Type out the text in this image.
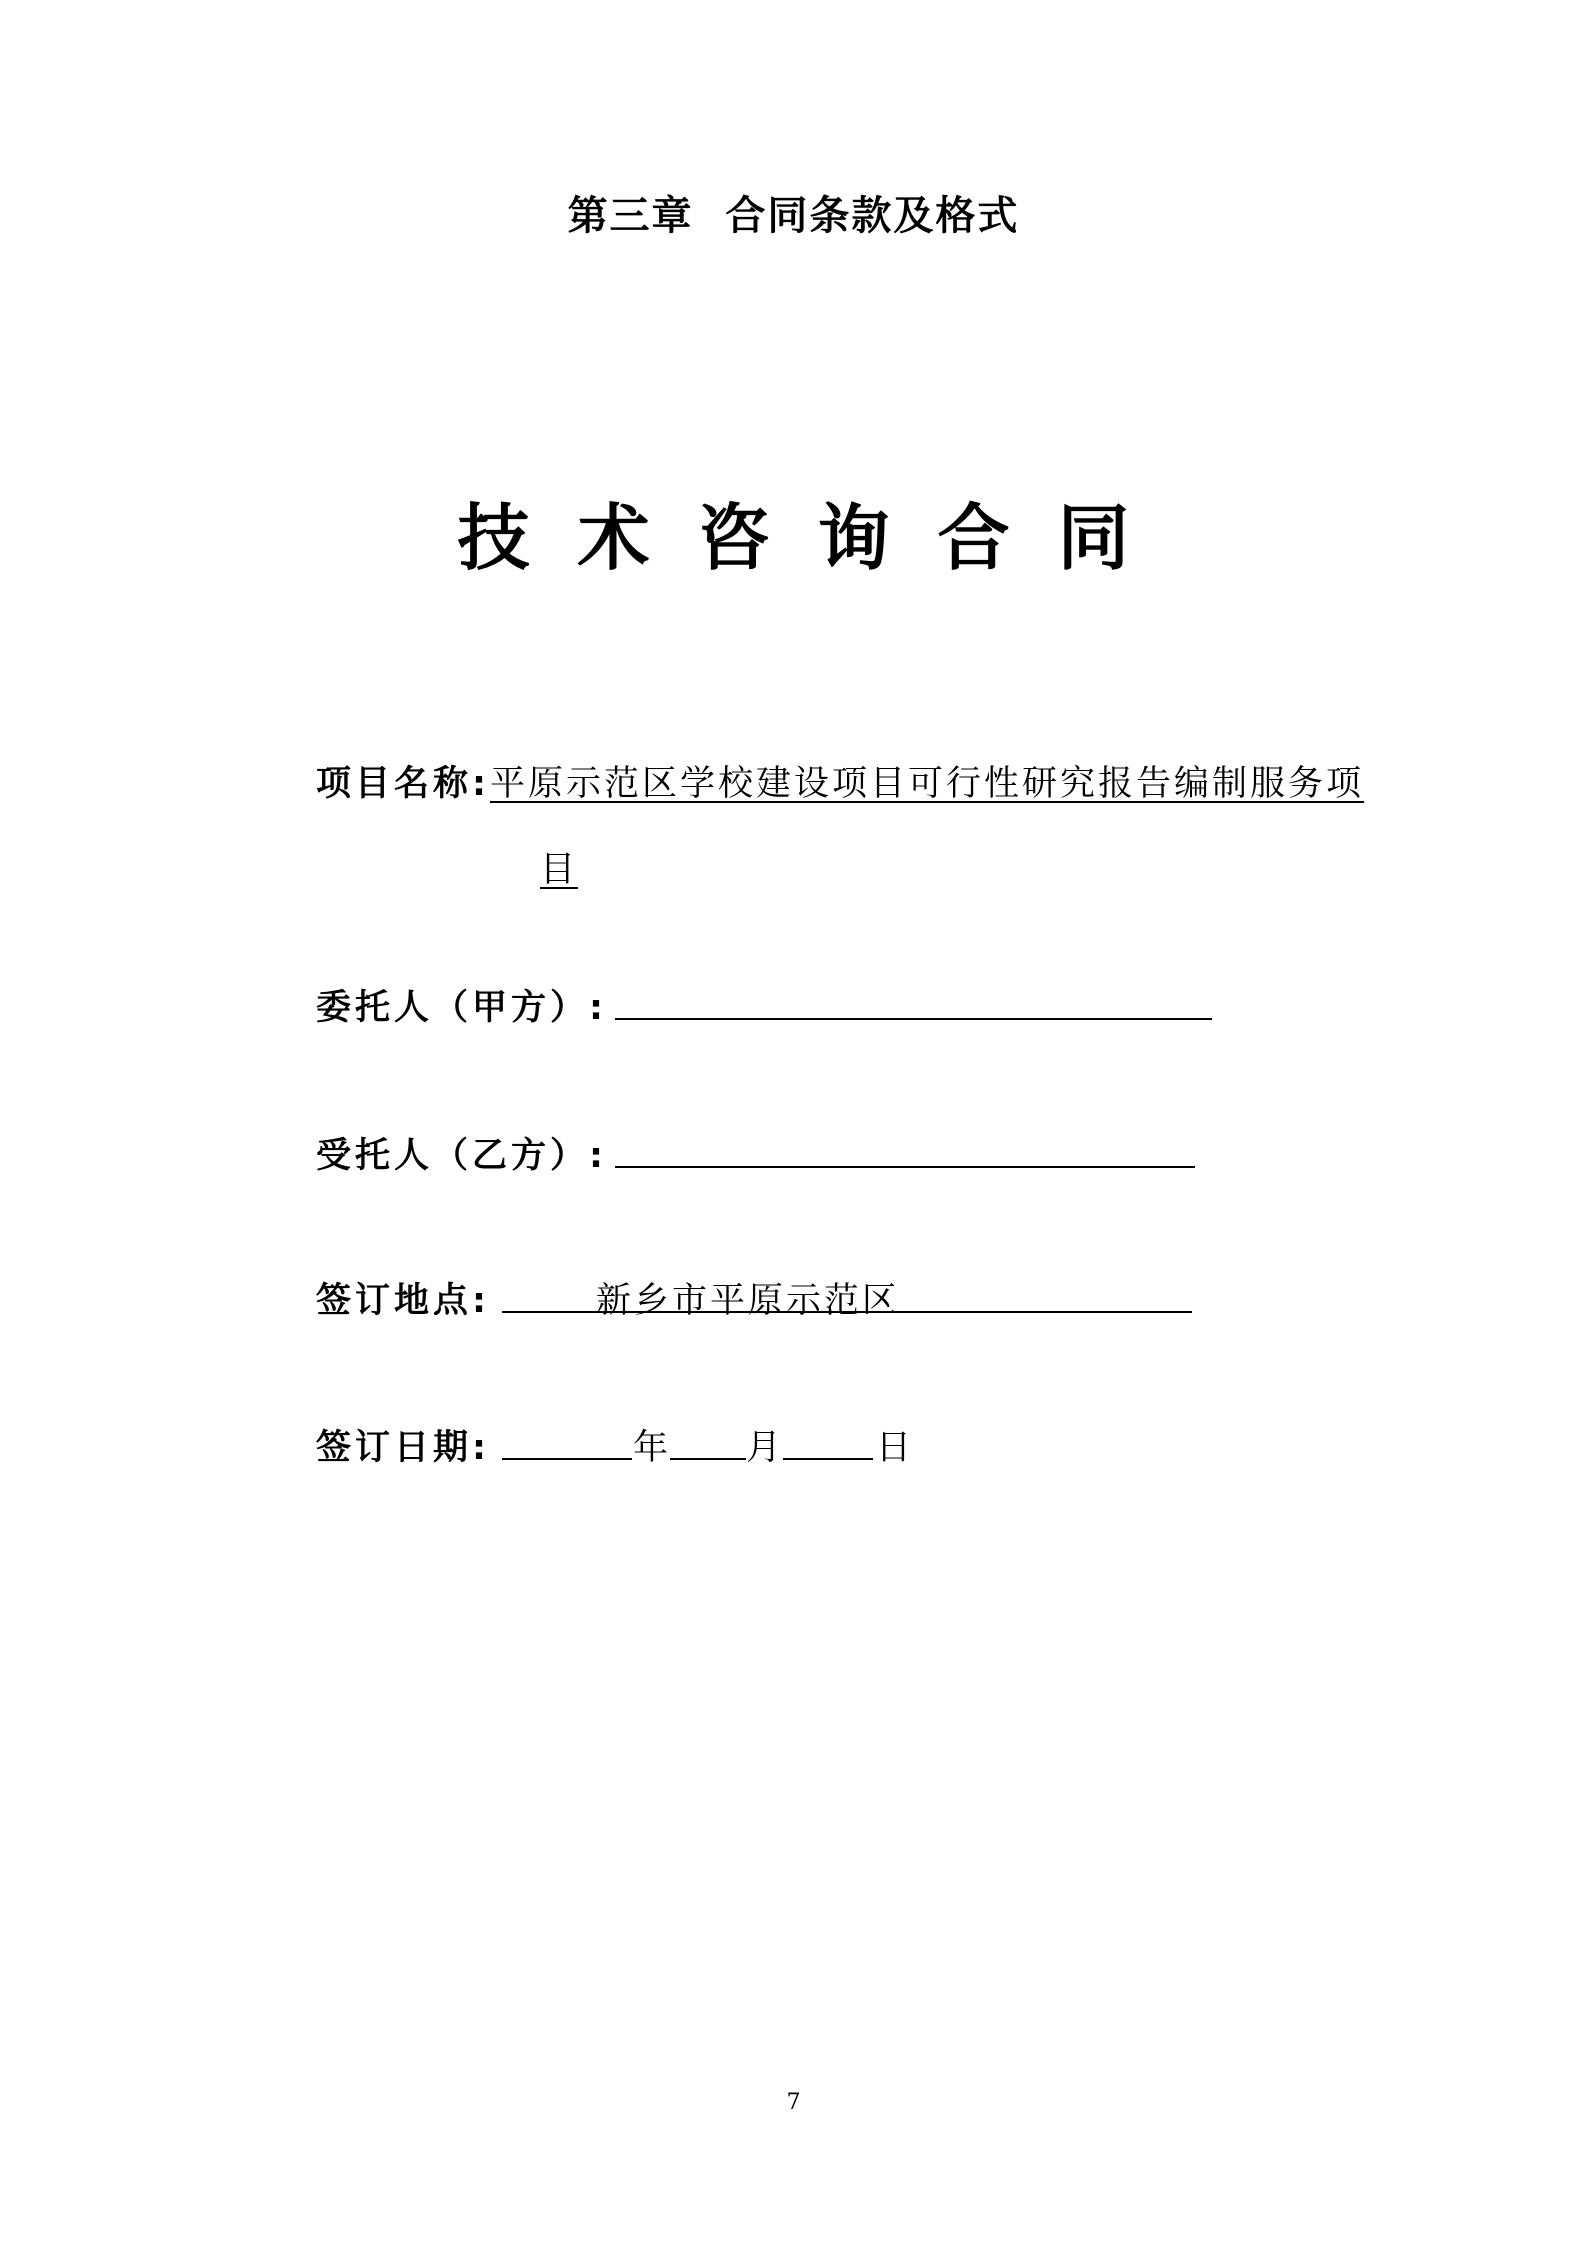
第三章  合同条款及格式
技术咨询合同
项目名称: 平原示范区学校建设项目可行性研究报告编制服务项
目
委托人（甲方）:
受托人（乙方）:
签订地点:	新乡市平原示范区
签订日期:	年 月	日
7
